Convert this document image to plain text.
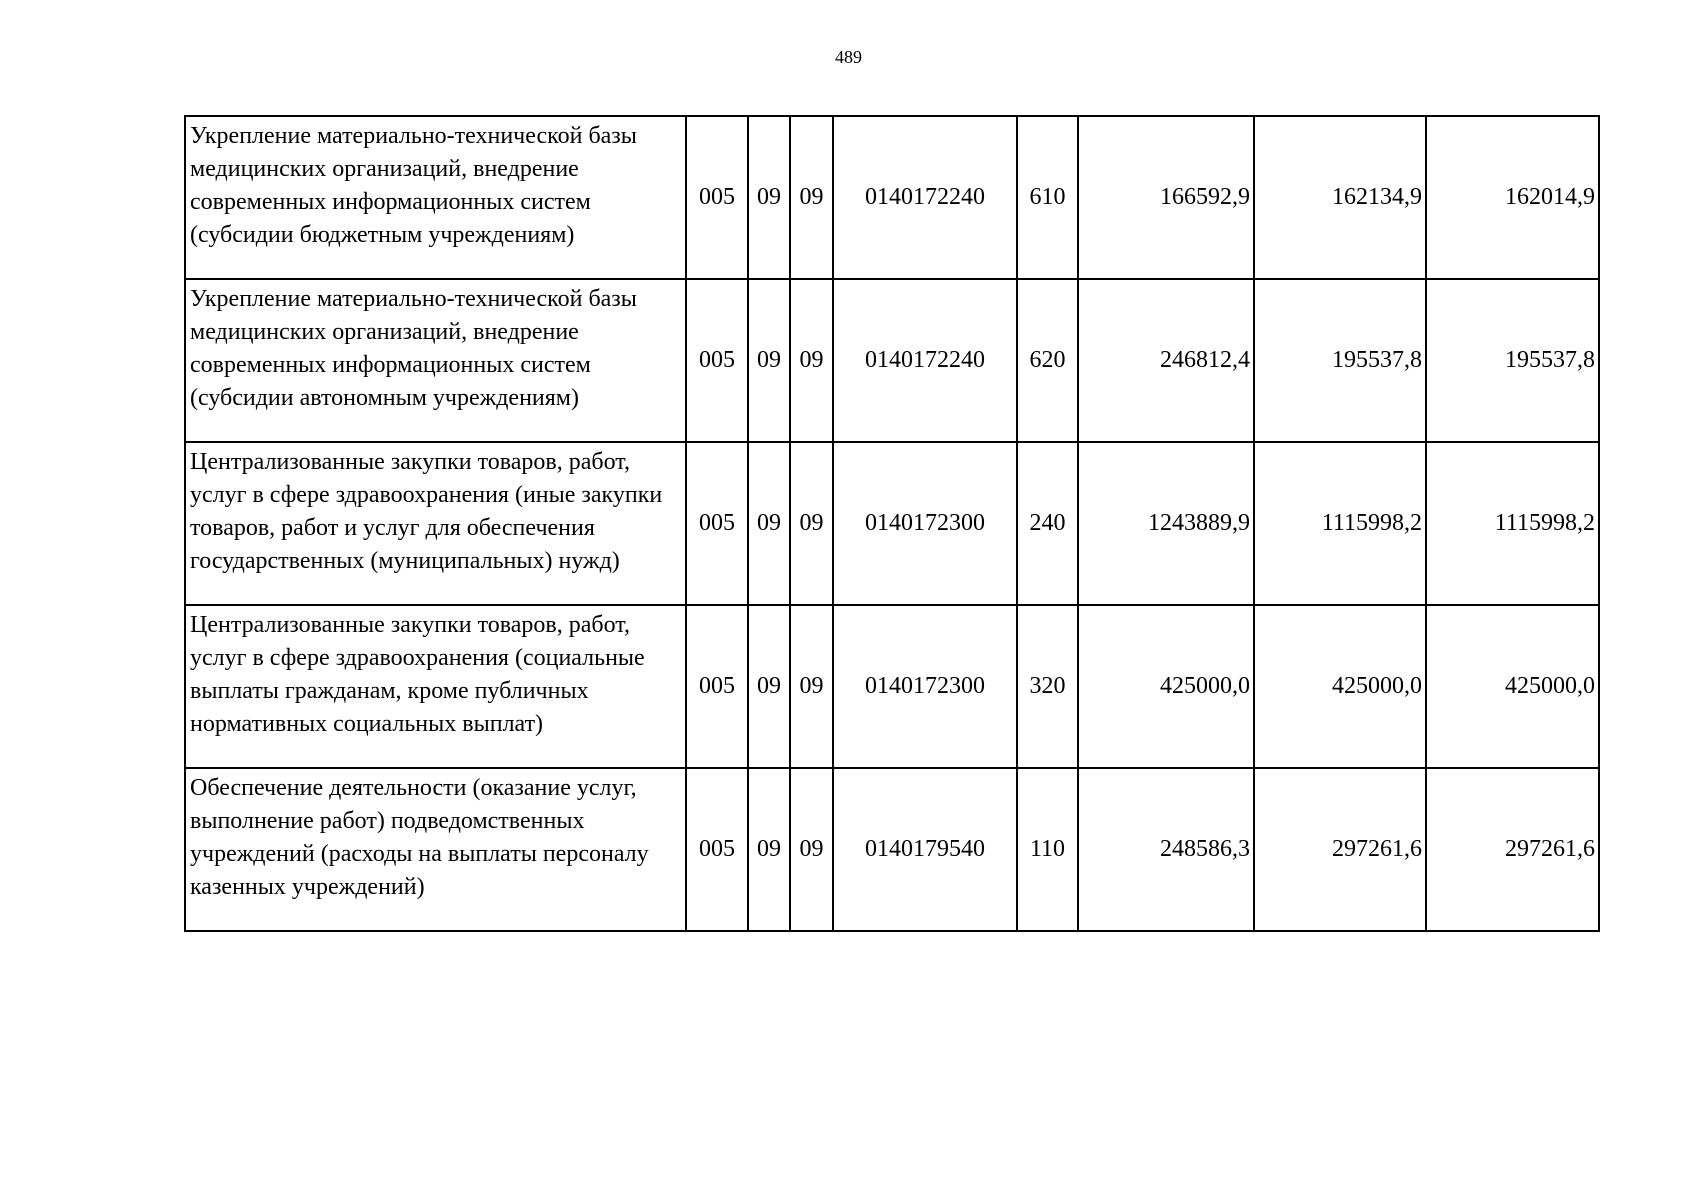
489
Укрепление материально-технической базы медицинских организаций, внедрение современных информационных систем (субсидии бюджетным учреждениям)	005	09	09	0140172240	610	166592,9	162134,9	162014,9
Укрепление материально-технической базы медицинских организаций, внедрение современных информационных систем (субсидии автономным учреждениям)	005	09	09	0140172240	620	246812,4	195537,8	195537,8
Централизованные закупки товаров, работ, услуг в сфере здравоохранения (иные закупки товаров, работ и услуг для обеспечения государственных (муниципальных) нужд)	005	09	09	0140172300	240	1243889,9	1115998,2	1115998,2
Централизованные закупки товаров, работ, услуг в сфере здравоохранения (социальные выплаты гражданам, кроме публичных нормативных социальных выплат)	005	09	09	0140172300	320	425000,0	425000,0	425000,0
Обеспечение деятельности (оказание услуг, выполнение работ) подведомственных учреждений (расходы на выплаты персоналу казенных учреждений)	005	09	09	0140179540	110	248586,3	297261,6	297261,6
